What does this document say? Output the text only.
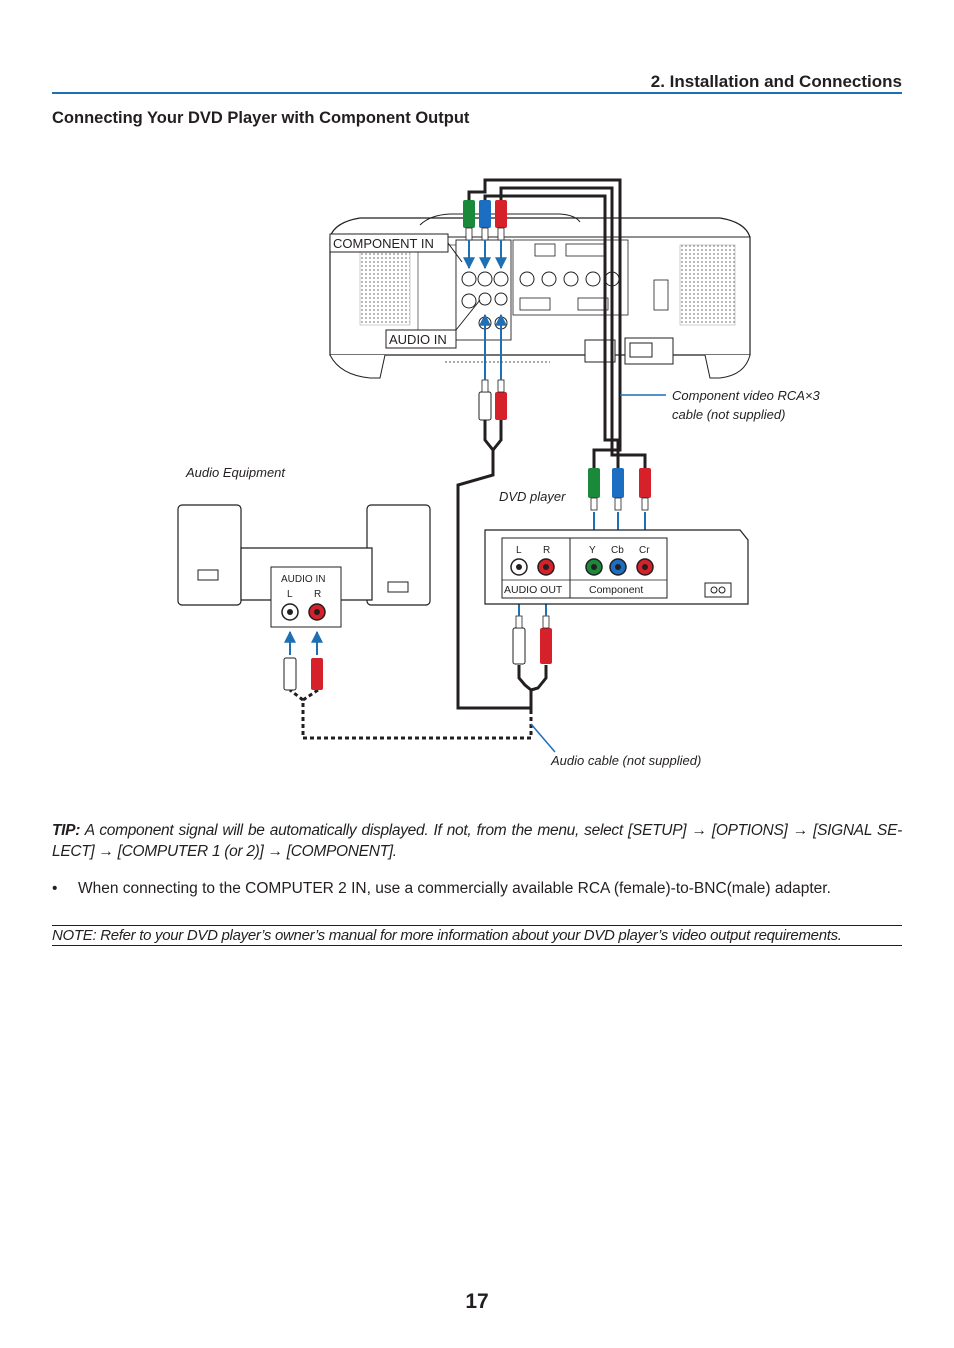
2. Installation and Connections
Connecting Your DVD Player with Component Output
COMPONENT IN
AUDIO IN
Component video RCA×3
cable (not supplied)
Audio cable (not supplied)
Audio Equipment
AUDIO IN
L R
DVD player
L R	Y Cb Cr
AUDIO OUT	Component
TIP: A component signal will be automatically displayed. If not, from the menu, select [SETUP] → [OPTIONS] → [SIGNAL SE-LECT] → [COMPUTER 1 (or 2)] → [COMPONENT].
• When connecting to the COMPUTER 2 IN, use a commercially available RCA (female)-to-BNC(male) adapter.
NOTE: Refer to your DVD player’s owner’s manual for more information about your DVD player’s video output requirements.
17
